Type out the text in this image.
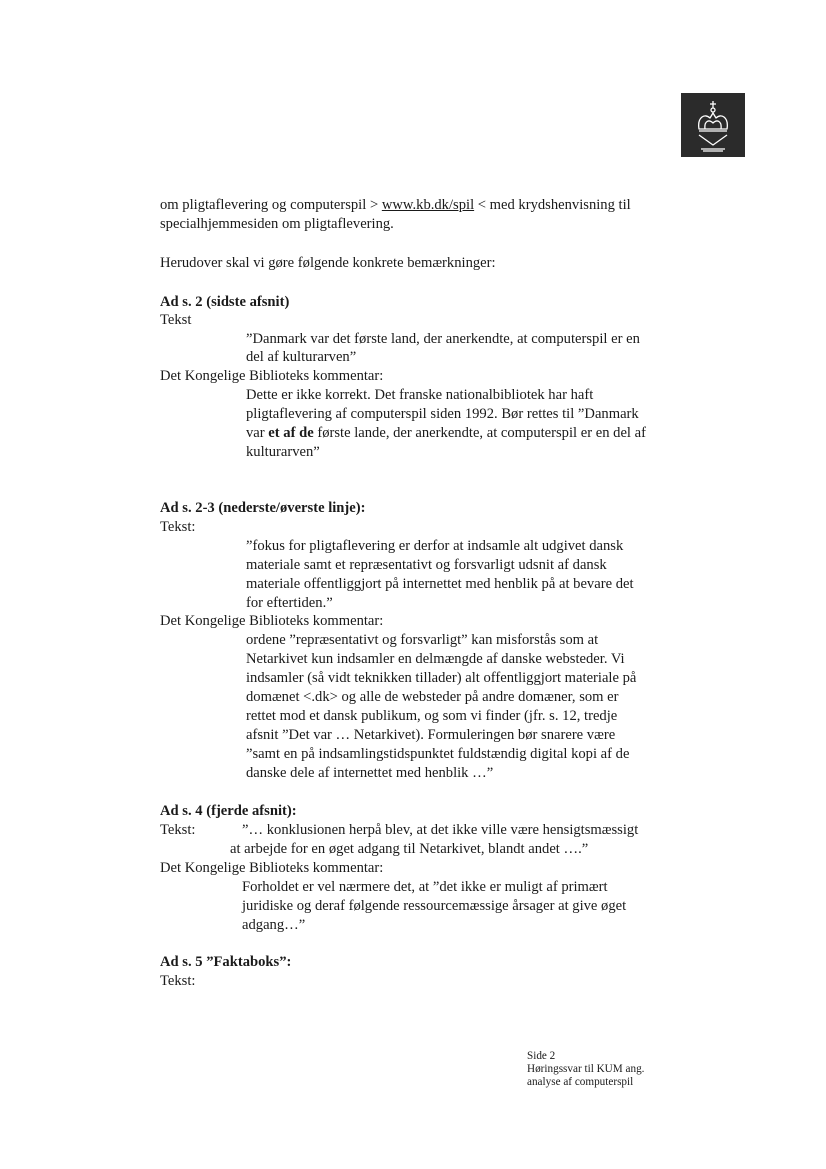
om pligtaflevering og computerspil > www.kb.dk/spil < med krydshenvisning til

specialhjemmesiden om pligtaflevering.

Herudover skal vi gøre følgende konkrete bemærkninger:

Ad s. 2 (sidste afsnit)

Tekst

”Danmark var det første land, der anerkendte, at computerspil er en

del af kulturarven”

Det Kongelige Biblioteks kommentar:

Dette er ikke korrekt. Det franske nationalbibliotek har haft

pligtaflevering af computerspil siden 1992. Bør rettes til ”Danmark

var et af de første lande, der anerkendte, at computerspil er en del af

kulturarven”

Ad s. 2-3 (nederste/øverste linje):

Tekst:

”fokus for pligtaflevering er derfor at indsamle alt udgivet dansk

materiale samt et repræsentativt og forsvarligt udsnit af dansk

materiale offentliggjort på internettet med henblik på at bevare det

for eftertiden.”

Det Kongelige Biblioteks kommentar:

ordene ”repræsentativt og forsvarligt” kan misforstås som at

Netarkivet kun indsamler en delmængde af danske websteder. Vi

indsamler (så vidt teknikken tillader) alt offentliggjort materiale på

domænet <.dk> og alle de websteder på andre domæner, som er

rettet mod et dansk publikum, og som vi finder (jfr. s. 12, tredje

afsnit ”Det var … Netarkivet). Formuleringen bør snarere være

”samt en på indsamlingstidspunktet fuldstændig digital kopi af de

danske dele af internettet med henblik …”

Ad s. 4 (fjerde afsnit):

Tekst:	”… konklusionen herpå blev, at det ikke ville være hensigtsmæssigt

at arbejde for en øget adgang til Netarkivet, blandt andet ….”

Det Kongelige Biblioteks kommentar:

Forholdet er vel nærmere det, at ”det ikke er muligt af primært

juridiske og deraf følgende ressourcemæssige årsager at give øget

adgang…”

Ad s. 5 ”Faktaboks”:

Tekst:

Side 2
Høringssvar til KUM ang.
analyse af computerspil
